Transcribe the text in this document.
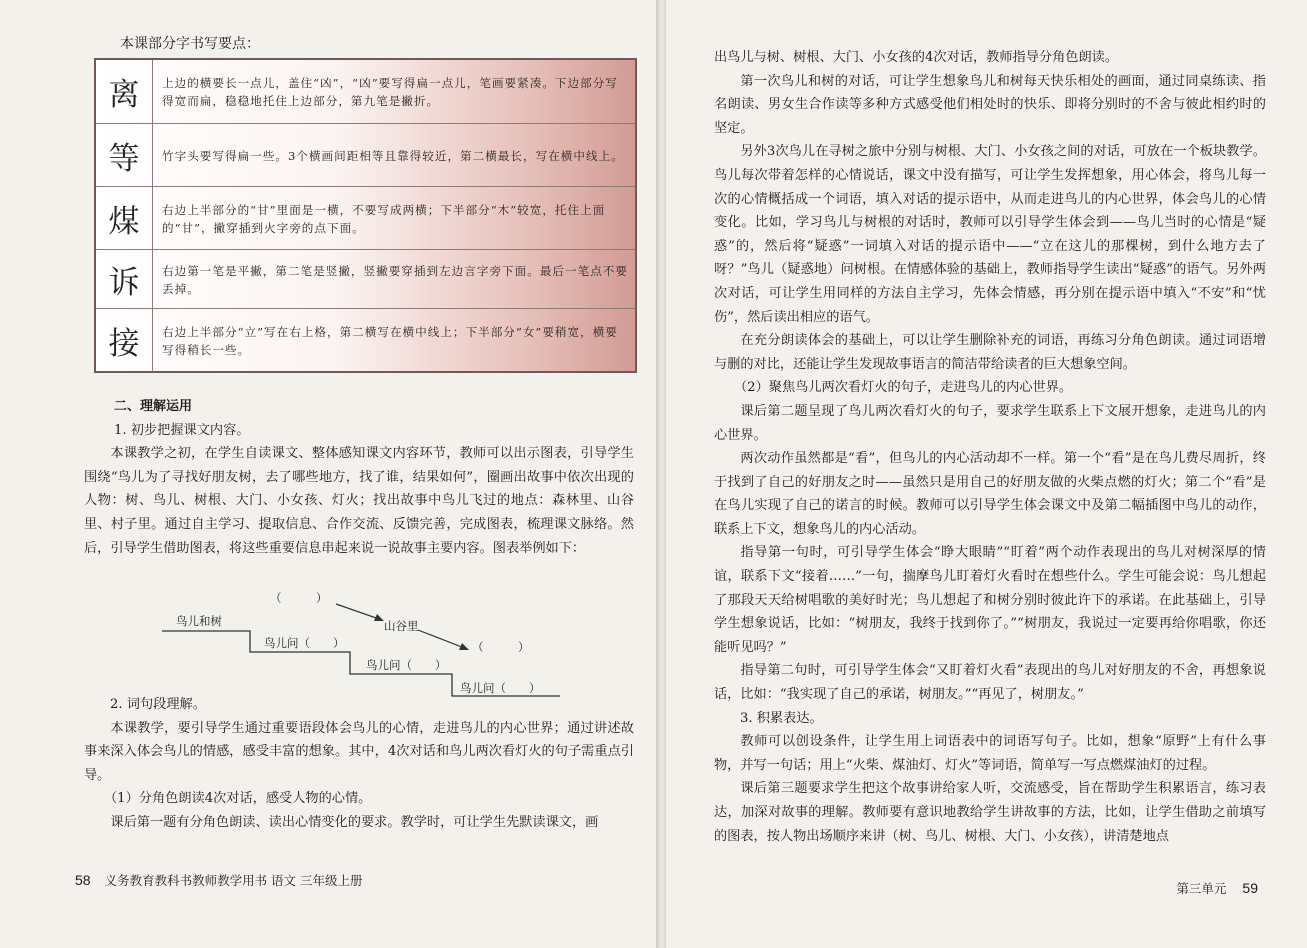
本课部分字书写要点：
离	上边的横要长一点儿，盖住“凶”，“凶”要写得扁一点儿，笔画要紧凑。下边部分写得宽而扁，稳稳地托住上边部分，第九笔是撇折。
等	竹字头要写得扁一些。3个横画间距相等且靠得较近，第二横最长，写在横中线上。
煤	右边上半部分的“甘”里面是一横，不要写成两横；下半部分“木”较宽，托住上面的“甘”，撇穿插到火字旁的点下面。
诉	右边第一笔是平撇，第二笔是竖撇，竖撇要穿插到左边言字旁下面。最后一笔点不要丢掉。
接	右边上半部分“立”写在右上格，第二横写在横中线上；下半部分“女”要稍宽，横要写得稍长一些。

二、理解运用

1. 初步把握课文内容。

本课教学之初，在学生自读课文、整体感知课文内容环节，教师可以出示图表，引导学生围绕“鸟儿为了寻找好朋友树，去了哪些地方，找了谁，结果如何”，圈画出故事中依次出现的人物：树、鸟儿、树根、大门、小女孩、灯火；找出故事中鸟儿飞过的地点：森林里、山谷里、村子里。通过自主学习、提取信息、合作交流、反馈完善，完成图表，梳理课文脉络。然后，引导学生借助图表，将这些重要信息串起来说一说故事主要内容。图表举例如下：

鸟儿和树
鸟儿问（　　）
鸟儿问（　　）
鸟儿问（　　）
（　　　）
山谷里
（　　　）

2. 词句段理解。

本课教学，要引导学生通过重要语段体会鸟儿的心情，走进鸟儿的内心世界；通过讲述故事来深入体会鸟儿的情感，感受丰富的想象。其中，4次对话和鸟儿两次看灯火的句子需重点引导。

（1）分角色朗读4次对话，感受人物的心情。

课后第一题有分角色朗读、读出心情变化的要求。教学时，可让学生先默读课文，画

58 义务教育教科书教师教学用书 语文 三年级上册

出鸟儿与树、树根、大门、小女孩的4次对话，教师指导分角色朗读。

第一次鸟儿和树的对话，可让学生想象鸟儿和树每天快乐相处的画面，通过同桌练读、指名朗读、男女生合作读等多种方式感受他们相处时的快乐、即将分别时的不舍与彼此相约时的坚定。

另外3次鸟儿在寻树之旅中分别与树根、大门、小女孩之间的对话，可放在一个板块教学。鸟儿每次带着怎样的心情说话，课文中没有描写，可让学生发挥想象，用心体会，将鸟儿每一次的心情概括成一个词语，填入对话的提示语中，从而走进鸟儿的内心世界，体会鸟儿的心情变化。比如，学习鸟儿与树根的对话时，教师可以引导学生体会到——鸟儿当时的心情是“疑惑”的，然后将“疑惑”一词填入对话的提示语中——“立在这儿的那棵树，到什么地方去了呀？”鸟儿（疑惑地）问树根。在情感体验的基础上，教师指导学生读出“疑惑”的语气。另外两次对话，可让学生用同样的方法自主学习，先体会情感，再分别在提示语中填入“不安”和“忧伤”，然后读出相应的语气。

在充分朗读体会的基础上，可以让学生删除补充的词语，再练习分角色朗读。通过词语增与删的对比，还能让学生发现故事语言的简洁带给读者的巨大想象空间。

（2）聚焦鸟儿两次看灯火的句子，走进鸟儿的内心世界。

课后第二题呈现了鸟儿两次看灯火的句子，要求学生联系上下文展开想象，走进鸟儿的内心世界。

两次动作虽然都是“看”，但鸟儿的内心活动却不一样。第一个“看”是在鸟儿费尽周折，终于找到了自己的好朋友之时——虽然只是用自己的好朋友做的火柴点燃的灯火；第二个“看”是在鸟儿实现了自己的诺言的时候。教师可以引导学生体会课文中及第二幅插图中鸟儿的动作，联系上下文，想象鸟儿的内心活动。

指导第一句时，可引导学生体会“睁大眼睛”“盯着”两个动作表现出的鸟儿对树深厚的情谊，联系下文“接着……”一句，揣摩鸟儿盯着灯火看时在想些什么。学生可能会说：鸟儿想起了那段天天给树唱歌的美好时光；鸟儿想起了和树分别时彼此许下的承诺。在此基础上，引导学生想象说话，比如：“树朋友，我终于找到你了。”“树朋友，我说过一定要再给你唱歌，你还能听见吗？”

指导第二句时，可引导学生体会“又盯着灯火看”表现出的鸟儿对好朋友的不舍，再想象说话，比如：“我实现了自己的承诺，树朋友。”“再见了，树朋友。”

3. 积累表达。

教师可以创设条件，让学生用上词语表中的词语写句子。比如，想象“原野”上有什么事物，并写一句话；用上“火柴、煤油灯、灯火”等词语，简单写一写点燃煤油灯的过程。

课后第三题要求学生把这个故事讲给家人听，交流感受，旨在帮助学生积累语言，练习表达，加深对故事的理解。教师要有意识地教给学生讲故事的方法，比如，让学生借助之前填写的图表，按人物出场顺序来讲（树、鸟儿、树根、大门、小女孩），讲清楚地点

第三单元 59
